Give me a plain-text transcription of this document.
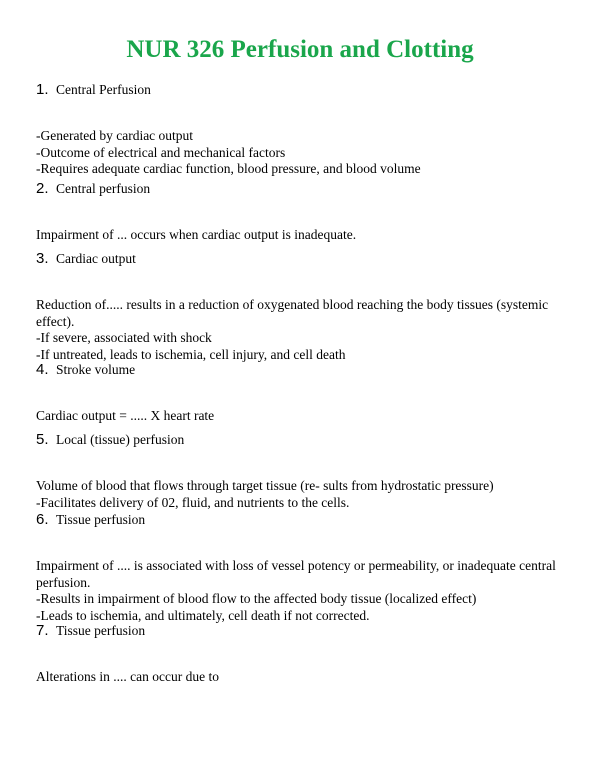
NUR 326 Perfusion and Clotting
1. Central Perfusion
-Generated by cardiac output
-Outcome of electrical and mechanical factors
-Requires adequate cardiac function, blood pressure, and blood volume
2. Central perfusion
Impairment of ... occurs when cardiac output is inadequate.
3. Cardiac output
Reduction of..... results in a reduction of oxygenated blood reaching the body tissues (systemic effect).
-If severe, associated with shock
-If untreated, leads to ischemia, cell injury, and cell death
4. Stroke volume
Cardiac output = ..... X heart rate
5. Local (tissue) perfusion
Volume of blood that flows through target tissue (re- sults from hydrostatic pressure)
-Facilitates delivery of 02, fluid, and nutrients to the cells.
6. Tissue perfusion
Impairment of .... is associated with loss of vessel potency or permeability, or inadequate central perfusion.
-Results in impairment of blood flow to the affected body tissue (localized effect)
-Leads to ischemia, and ultimately, cell death if not corrected.
7. Tissue perfusion
Alterations in .... can occur due to
